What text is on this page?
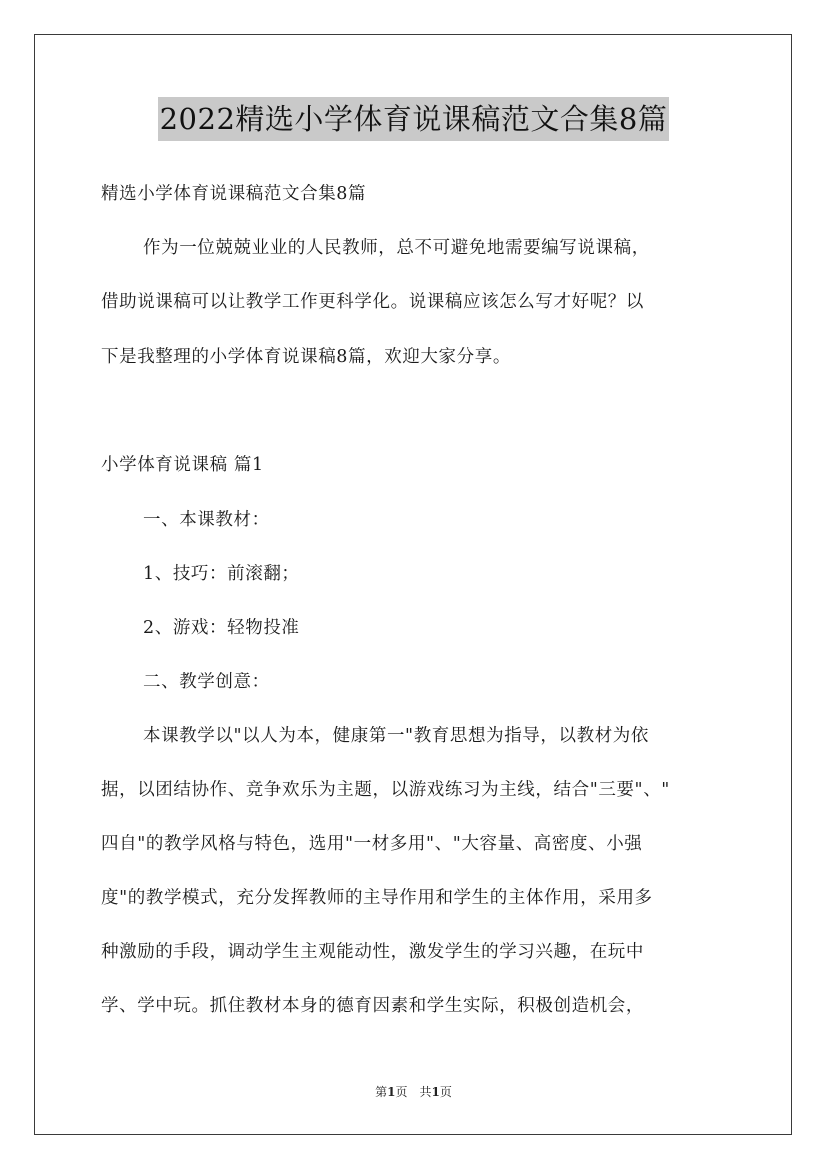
2022精选小学体育说课稿范文合集8篇
精选小学体育说课稿范文合集8篇
作为一位兢兢业业的人民教师，总不可避免地需要编写说课稿，
借助说课稿可以让教学工作更科学化。说课稿应该怎么写才好呢？以
下是我整理的小学体育说课稿8篇，欢迎大家分享。
小学体育说课稿 篇1
一、本课教材：
1、技巧：前滚翻；
2、游戏：轻物投准
二、教学创意：
本课教学以"以人为本，健康第一"教育思想为指导，以教材为依
据，以团结协作、竞争欢乐为主题，以游戏练习为主线，结合"三要"、"
四自"的教学风格与特色，选用"一材多用"、"大容量、高密度、小强
度"的教学模式，充分发挥教师的主导作用和学生的主体作用，采用多
种激励的手段，调动学生主观能动性，激发学生的学习兴趣，在玩中
学、学中玩。抓住教材本身的德育因素和学生实际，积极创造机会，
第1页　共1页
